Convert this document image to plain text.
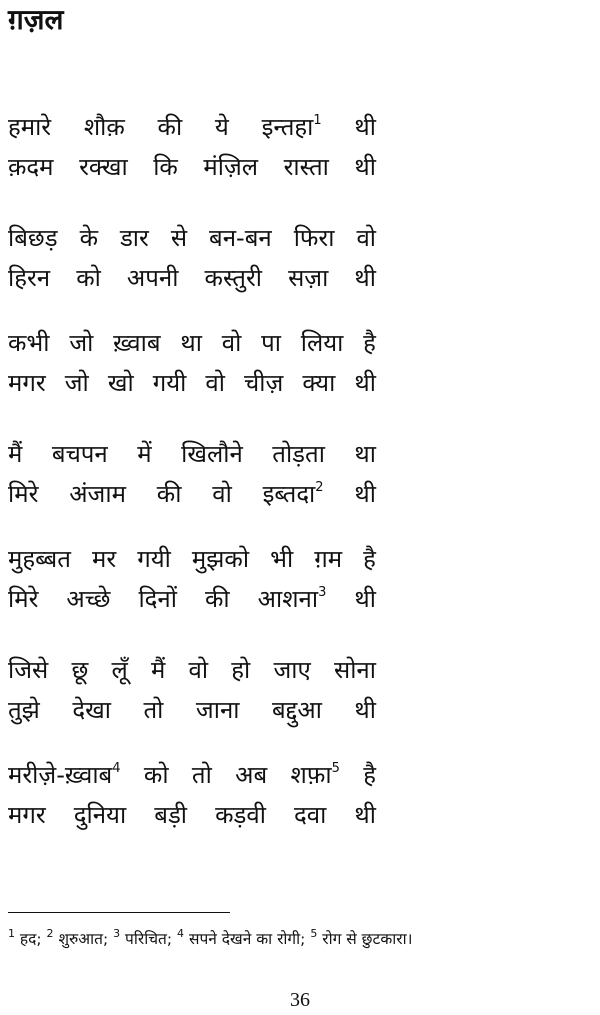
ग़ज़ल
हमारे शौक़ की ये इन्तहा$^1$ थी
क़दम रक्खा कि मंज़िल रास्ता थी
बिछड़ के डार से बन-बन फिरा वो
हिरन को अपनी कस्तुरी सज़ा थी
कभी जो ख़्वाब था वो पा लिया है
मगर जो खो गयी वो चीज़ क्या थी
मैं बचपन में खिलौने तोड़ता था
मिरे अंजाम की वो इब्तदा$^2$ थी
मुहब्बत मर गयी मुझको भी ग़म है
मिरे अच्छे दिनों की आशना$^3$ थी
जिसे छू लूँ मैं वो हो जाए सोना
तुझे देखा तो जाना बद्दुआ थी
मरीज़े-ख़्वाब$^4$ को तो अब शफ़ा$^5$ है
मगर दुनिया बड़ी कड़वी दवा थी
$^1$ हद; $^2$ शुरुआत; $^3$ परिचित; $^4$ सपने देखने का रोगी; $^5$ रोग से छुटकारा।
36
